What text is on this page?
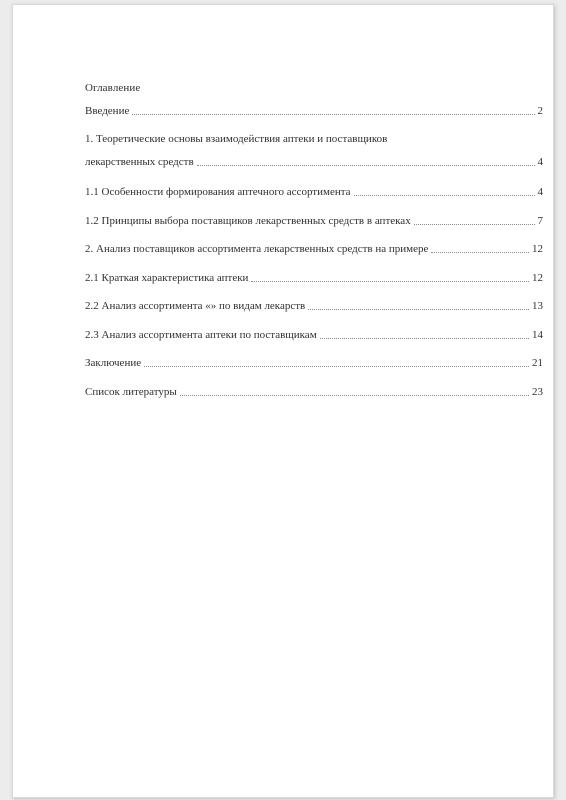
Оглавление
Введение	2
1. Теоретические основы взаимодействия аптеки и поставщиков
лекарственных средств	4
1.1 Особенности формирования аптечного ассортимента	4
1.2 Принципы выбора поставщиков лекарственных средств в аптеках	7
2. Анализ поставщиков ассортимента лекарственных средств на примере	12
2.1 Краткая характеристика аптеки	12
2.2 Анализ ассортимента «» по видам лекарств	13
2.3 Анализ ассортимента аптеки по поставщикам	14
Заключение	21
Список литературы	23
